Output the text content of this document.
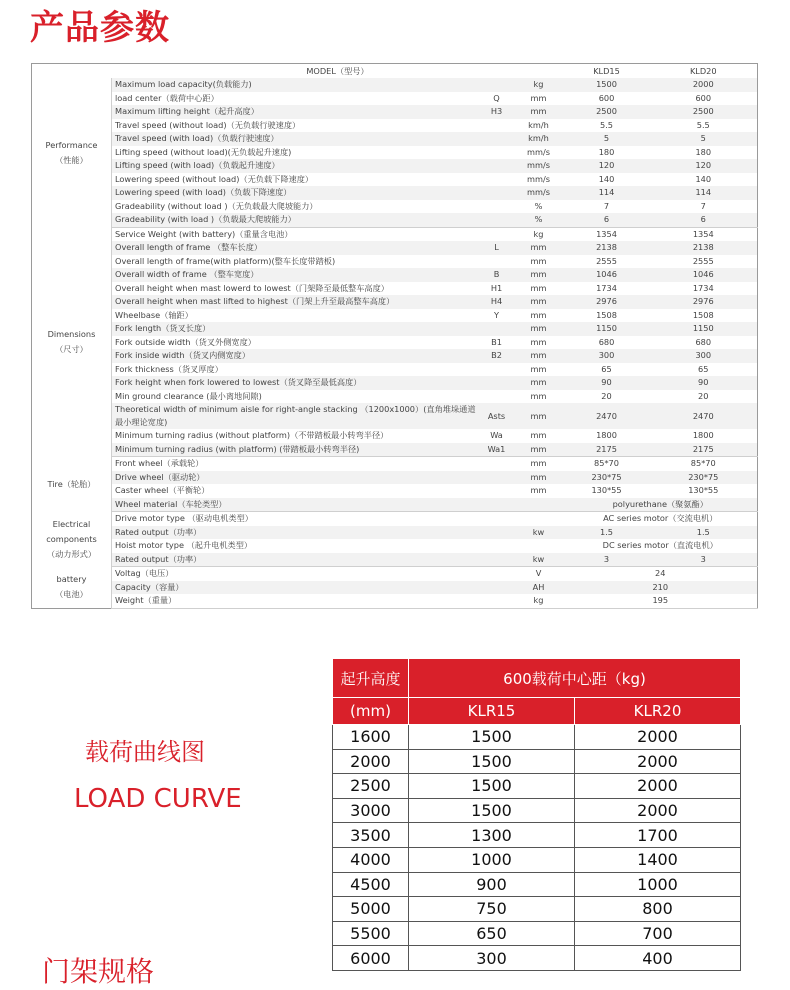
产品参数
	MODEL（型号）			KLD15	KLD20

Performance
（性能）	Maximum load capacity(负载能力)		kg	1500	2000
	load center（载荷中心距）	Q	mm	600	600
	Maximum lifting height（起升高度）	H3	mm	2500	2500
	Travel speed (without load)（无负载行驶速度）		km/h	5.5	5.5
	Travel speed (with load)（负载行驶速度）		km/h	5	5
	Lifting speed (without load)(无负载起升速度)		mm/s	180	180
	Lifting speed (with load)（负载起升速度）		mm/s	120	120
	Lowering speed (without load)（无负载下降速度）		mm/s	140	140
	Lowering speed (with load)（负载下降速度）		mm/s	114	114
	Gradeability (without load )（无负载最大爬坡能力）		%	7	7
	Gradeability (with load )（负载最大爬坡能力）		%	6	6

Dimensions
（尺寸）	Service Weight (with battery)（重量含电池）		kg	1354	1354
	Overall length of frame （整车长度）	L	mm	2138	2138
	Overall length of frame(with platform)(整车长度带踏板)		mm	2555	2555
	Overall width of frame （整车宽度）	B	mm	1046	1046
	Overall height when mast lowerd to lowest（门架降至最低整车高度）	H1	mm	1734	1734
	Overall height when mast lifted to highest（门架上升至最高整车高度）	H4	mm	2976	2976
	Wheelbase（轴距）	Y	mm	1508	1508
	Fork length（货叉长度）		mm	1150	1150
	Fork outside width（货叉外侧宽度）	B1	mm	680	680
	Fork inside width（货叉内侧宽度）	B2	mm	300	300
	Fork thickness（货叉厚度）		mm	65	65
	Fork height when fork lowered to lowest（货叉降至最低高度）		mm	90	90
	Min ground clearance (最小离地间隙)		mm	20	20
	Theoretical width of minimum aisle for right-angle stacking （1200x1000）(直角堆垛通道最小理论宽度)	Asts	mm	2470	2470
	Minimum turning radius (without platform)（不带踏板最小转弯半径）	Wa	mm	1800	1800
	Minimum turning radius (with platform) (带踏板最小转弯半径)	Wa1	mm	2175	2175

Tire（轮胎）	Front wheel（承载轮）		mm	85*70	85*70
	Drive wheel（驱动轮）		mm	230*75	230*75
	Caster wheel（平衡轮）		mm	130*55	130*55
	Wheel material（车轮类型）			polyurethane（聚氨酯）	

Electrical components
（动力形式）	Drive motor type （驱动电机类型）			AC series motor（交流电机）	
	Rated output（功率）		kw	1.5	1.5
	Hoist motor type （起升电机类型）			DC series motor（直流电机）	
	Rated output（功率）		kw	3	3

battery
（电池）	Voltag（电压）		V	24	
	Capacity（容量）		AH	210	
	Weight（重量）		kg	195	
载荷曲线图
LOAD CURVE
起升高度	600载荷中心距（kg)	
(mm)	KLR15	KLR20
1600	1500	2000
2000	1500	2000
2500	1500	2000
3000	1500	2000
3500	1300	1700
4000	1000	1400
4500	900	1000
5000	750	800
5500	650	700
6000	300	400
门架规格
